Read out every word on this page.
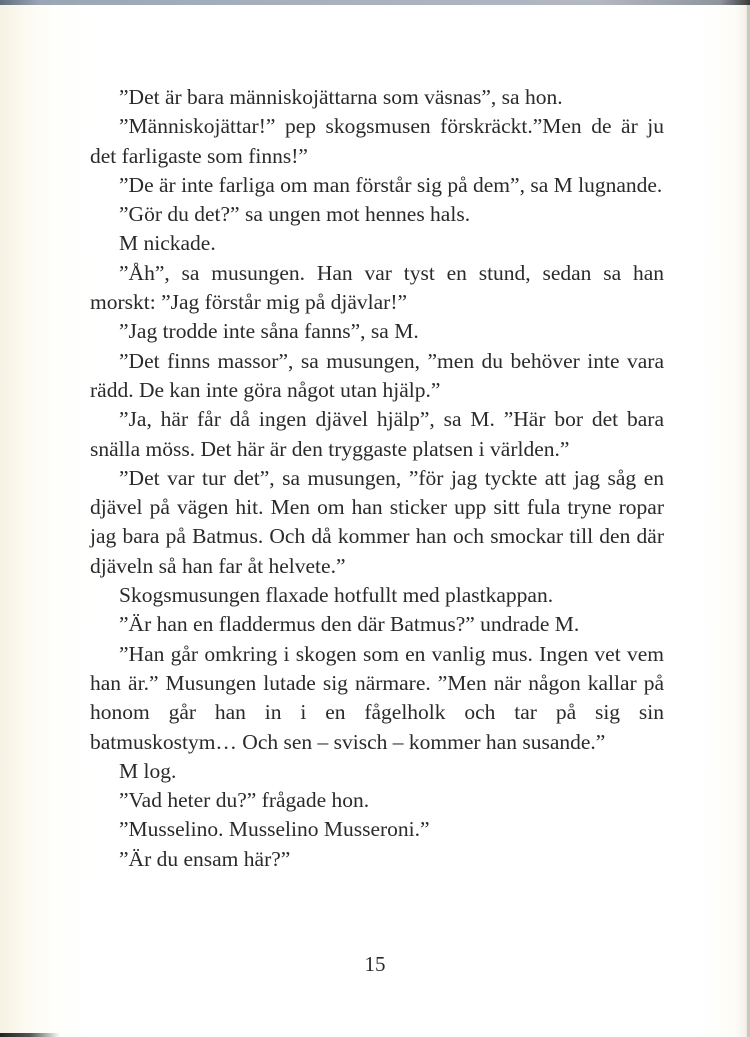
”Det är bara människojättarna som väsnas”, sa hon.

”Människojättar!” pep skogsmusen förskräckt.”Men de är ju det farligaste som finns!”

”De är inte farliga om man förstår sig på dem”, sa M lugnande.

”Gör du det?” sa ungen mot hennes hals.

M nickade.

”Åh”, sa musungen. Han var tyst en stund, sedan sa han morskt: ”Jag förstår mig på djävlar!”

”Jag trodde inte såna fanns”, sa M.

”Det finns massor”, sa musungen, ”men du behöver inte vara rädd. De kan inte göra något utan hjälp.”

”Ja, här får då ingen djävel hjälp”, sa M. ”Här bor det bara snälla möss. Det här är den tryggaste platsen i världen.”

”Det var tur det”, sa musungen, ”för jag tyckte att jag såg en djävel på vägen hit. Men om han sticker upp sitt fula tryne ropar jag bara på Batmus. Och då kommer han och smockar till den där djäveln så han far åt helvete.”

Skogsmusungen flaxade hotfullt med plastkappan.

”Är han en fladdermus den där Batmus?” undrade M.

”Han går omkring i skogen som en vanlig mus. Ingen vet vem han är.” Musungen lutade sig närmare. ”Men när någon kallar på honom går han in i en fågelholk och tar på sig sin batmuskostym… Och sen – svisch – kommer han susande.”

M log.

”Vad heter du?” frågade hon.

”Musselino. Musselino Musseroni.”

”Är du ensam här?”

15
